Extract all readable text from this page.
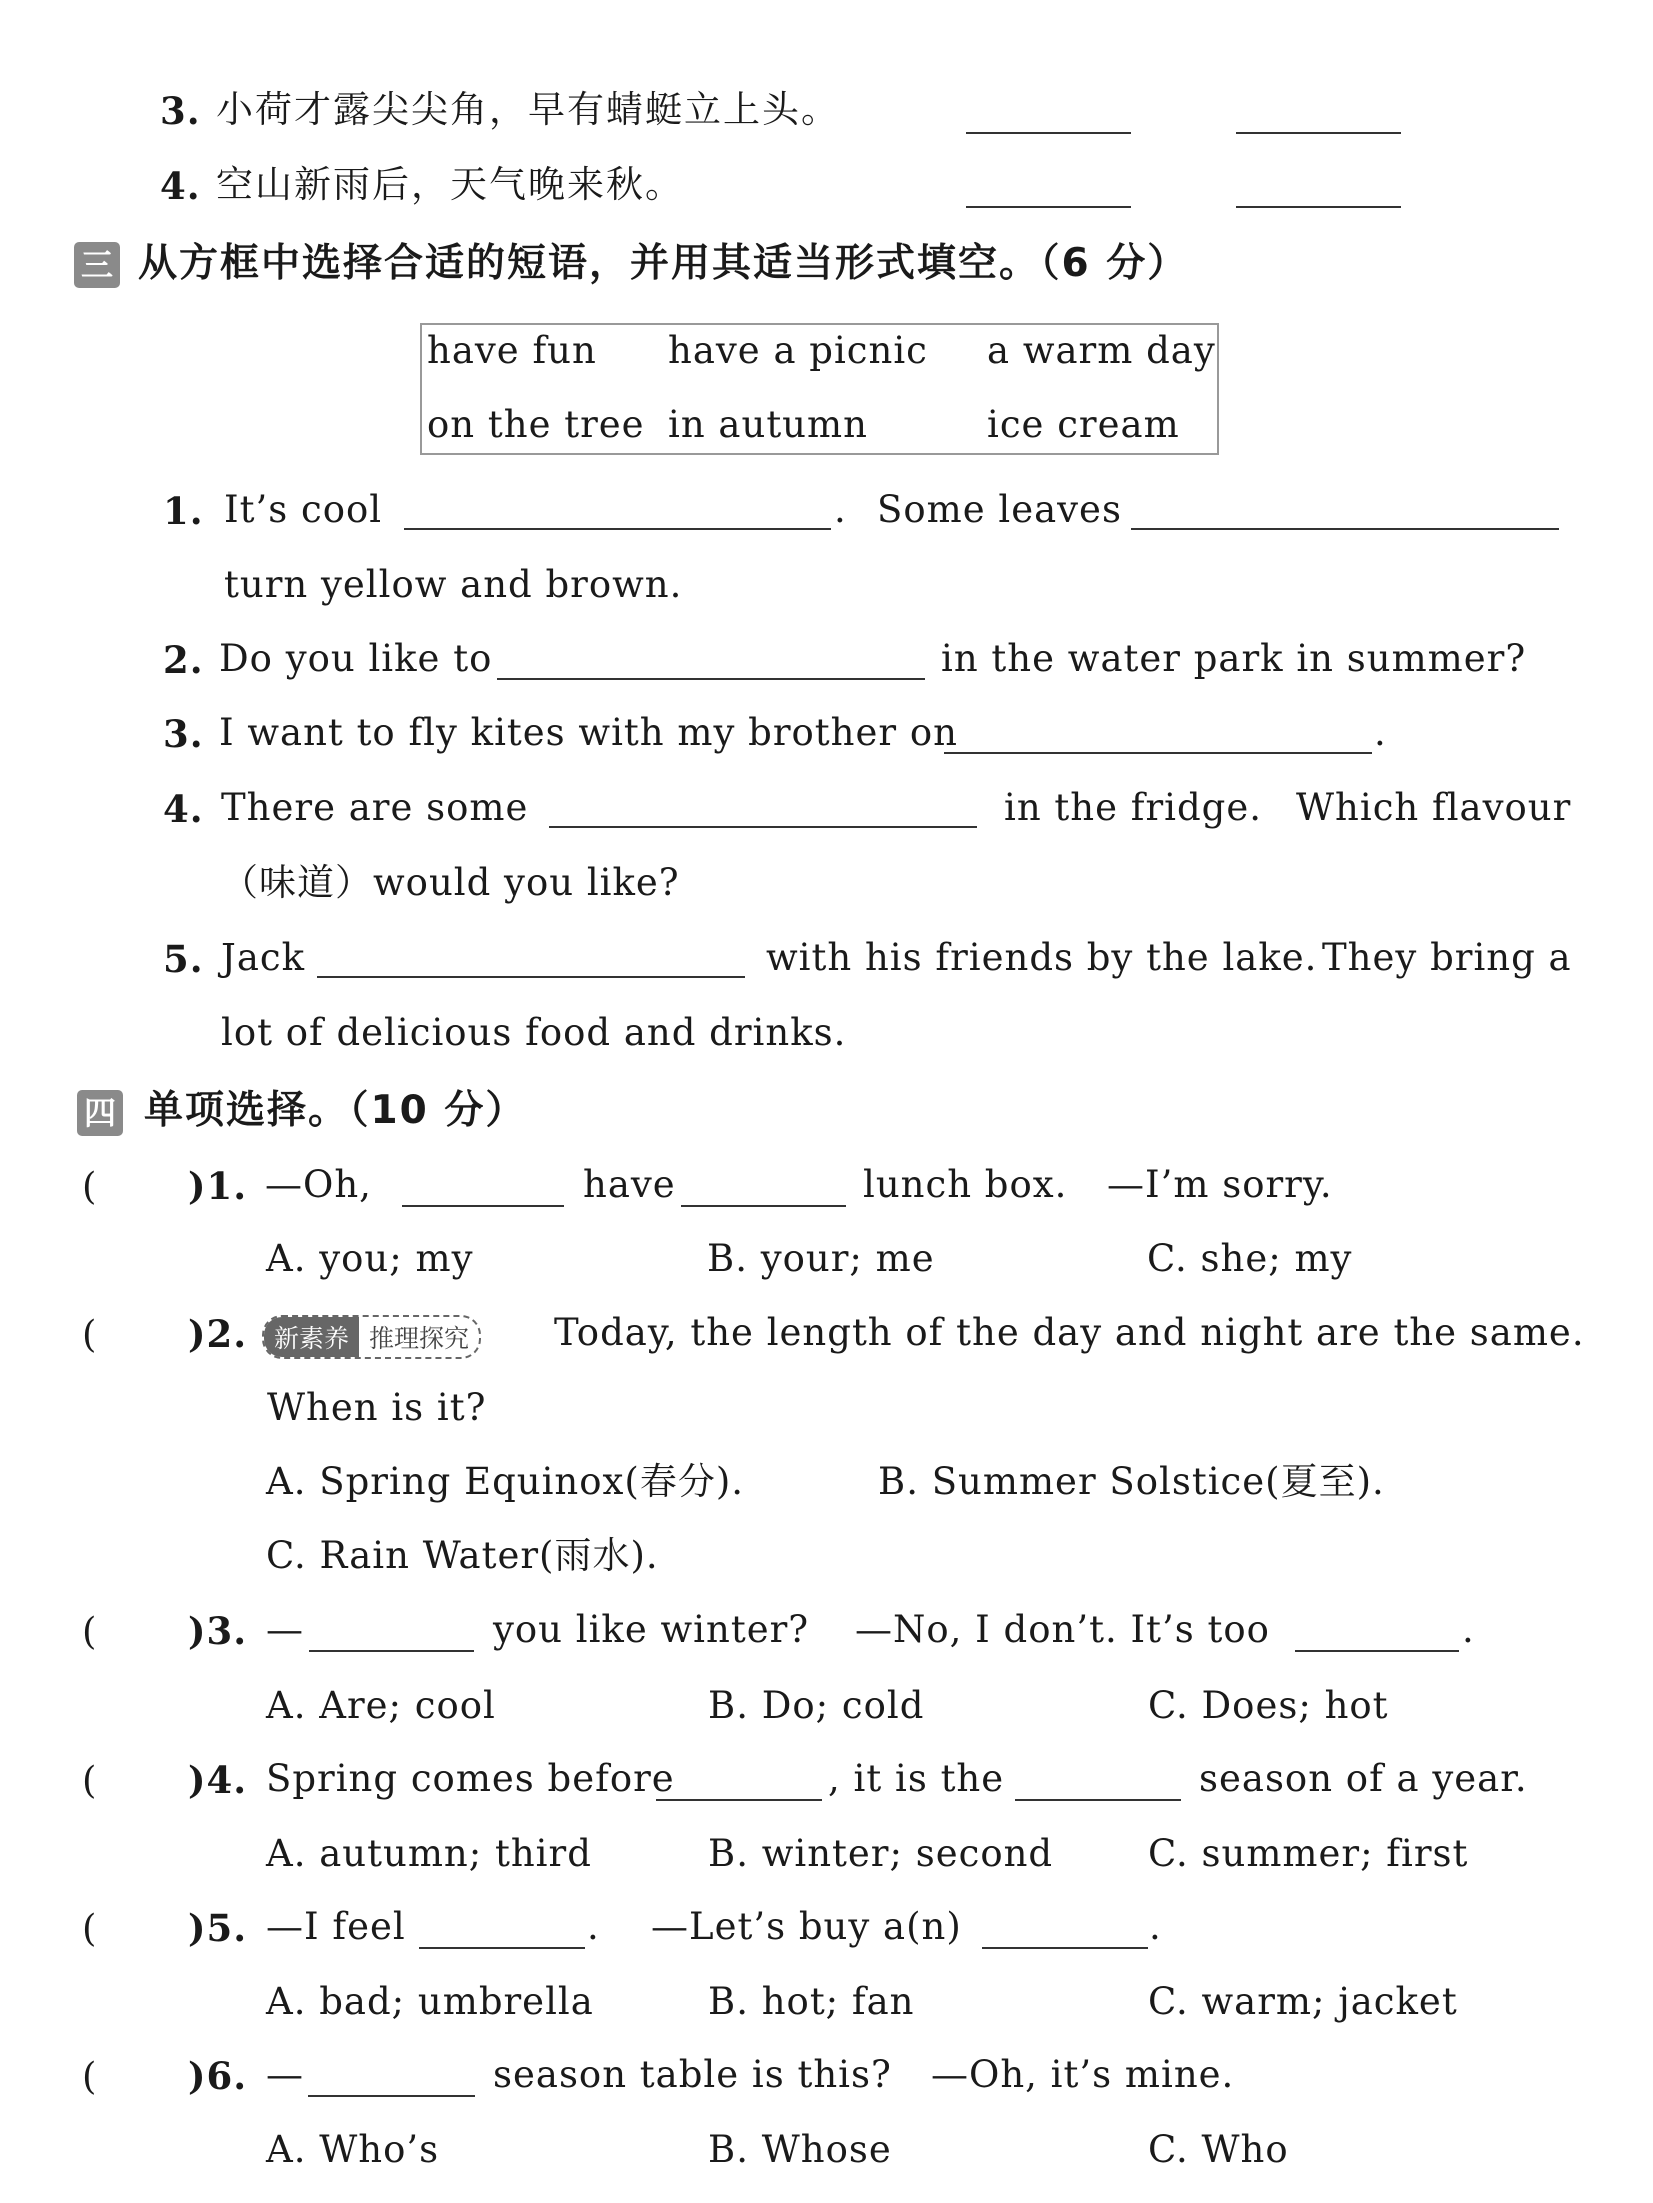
3. 小荷才露尖尖角，早有蜻蜓立上头。
4. 空山新雨后，天气晚来秋。
三 从方框中选择合适的短语，并用其适当形式填空。（6 分）
have fun have a picnic a warm day
on the tree in autumn	ice cream
1. It’s cool	. Some leaves
turn yellow and brown.
2. Do you like to	in the water park in summer?
3. I want to fly kites with my brother on	.
4. There are some	in the fridge. Which flavour
（味道）would you like?
5. Jack	with his friends by the lake. They bring a
lot of delicious food and drinks.
四 单项选择。（10 分）
( )1. —Oh,	have	lunch box. —I’m sorry.
A. you; my	B. your; me	C. she; my
( )2.	新素养 推理探究 Today, the length of the day and night are the same.
When is it?
A. Spring Equinox(春分).	B. Summer Solstice(夏至).
C. Rain Water(雨水).
( )3. —	you like winter? —No, I don’t. It’s too	.
A. Are; cool	B. Do; cold	C. Does; hot
( )4. Spring comes before	, it is the	season of a year.
A. autumn; third	B. winter; second	C. summer; first
( )5. —I feel	. —Let’s buy a(n)	.
A. bad; umbrella	B. hot; fan	C. warm; jacket
( )6. —	season table is this? —Oh, it’s mine.
A. Who’s	B. Whose	C. Who
